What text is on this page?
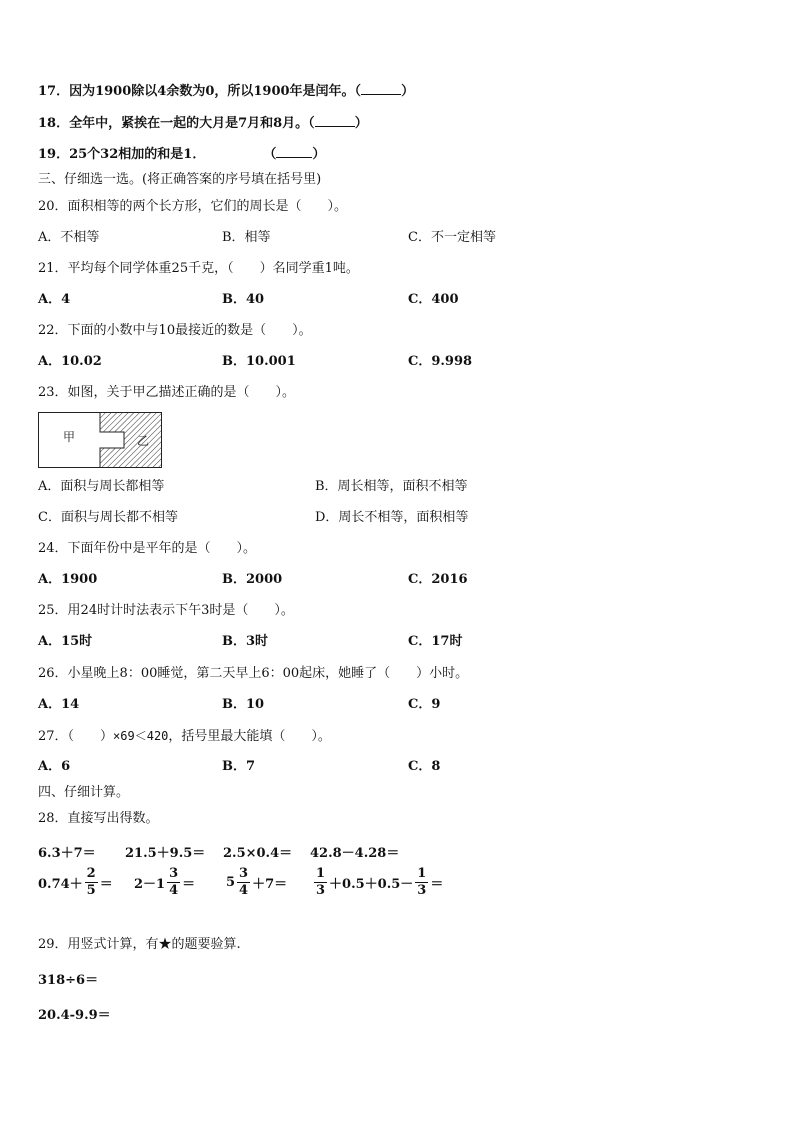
17．因为1900除以4余数为0，所以1900年是闰年。（	）
18．全年中，紧挨在一起的大月是7月和8月。（	）
19．25个32相加的和是1．	（	）
三、仔细选一选。(将正确答案的序号填在括号里)
20．面积相等的两个长方形，它们的周长是（　　）。
A．不相等	B．相等	C．不一定相等
21．平均每个同学体重25千克，（　　）名同学重1吨。
A．4	B．40	C．400
22．下面的小数中与10最接近的数是（　　）。
A．10.02	B．10.001	C．9.998
23．如图，关于甲乙描述正确的是（　　）。
甲	乙
A．面积与周长都相等	B．周长相等，面积不相等
C．面积与周长都不相等	D．周长不相等，面积相等
24．下面年份中是平年的是（　　）。
A．1900	B．2000	C．2016
25．用24时计时法表示下午3时是（　　）。
A．15时	B．3时	C．17时
26．小星晚上8：00睡觉，第二天早上6：00起床，她睡了（　　）小时。
A．14	B．10	C．9
27．（　　）×69＜420，括号里最大能填（　　）。
A．6	B．7	C．8
四、仔细计算。
28．直接写出得数。
6.3＋7＝ 21.5＋9.5＝ 2.5×0.4＝ 42.8－4.28＝
$0.74+ \frac{2}{5} = 2-1 \frac{3}{4} = 5 \frac{3}{4} +7= \frac{1}{3} +0.5+0.5- \frac{1}{3}$ ＝
29．用竖式计算，有★的题要验算.
318÷6＝
20.4-9.9＝
